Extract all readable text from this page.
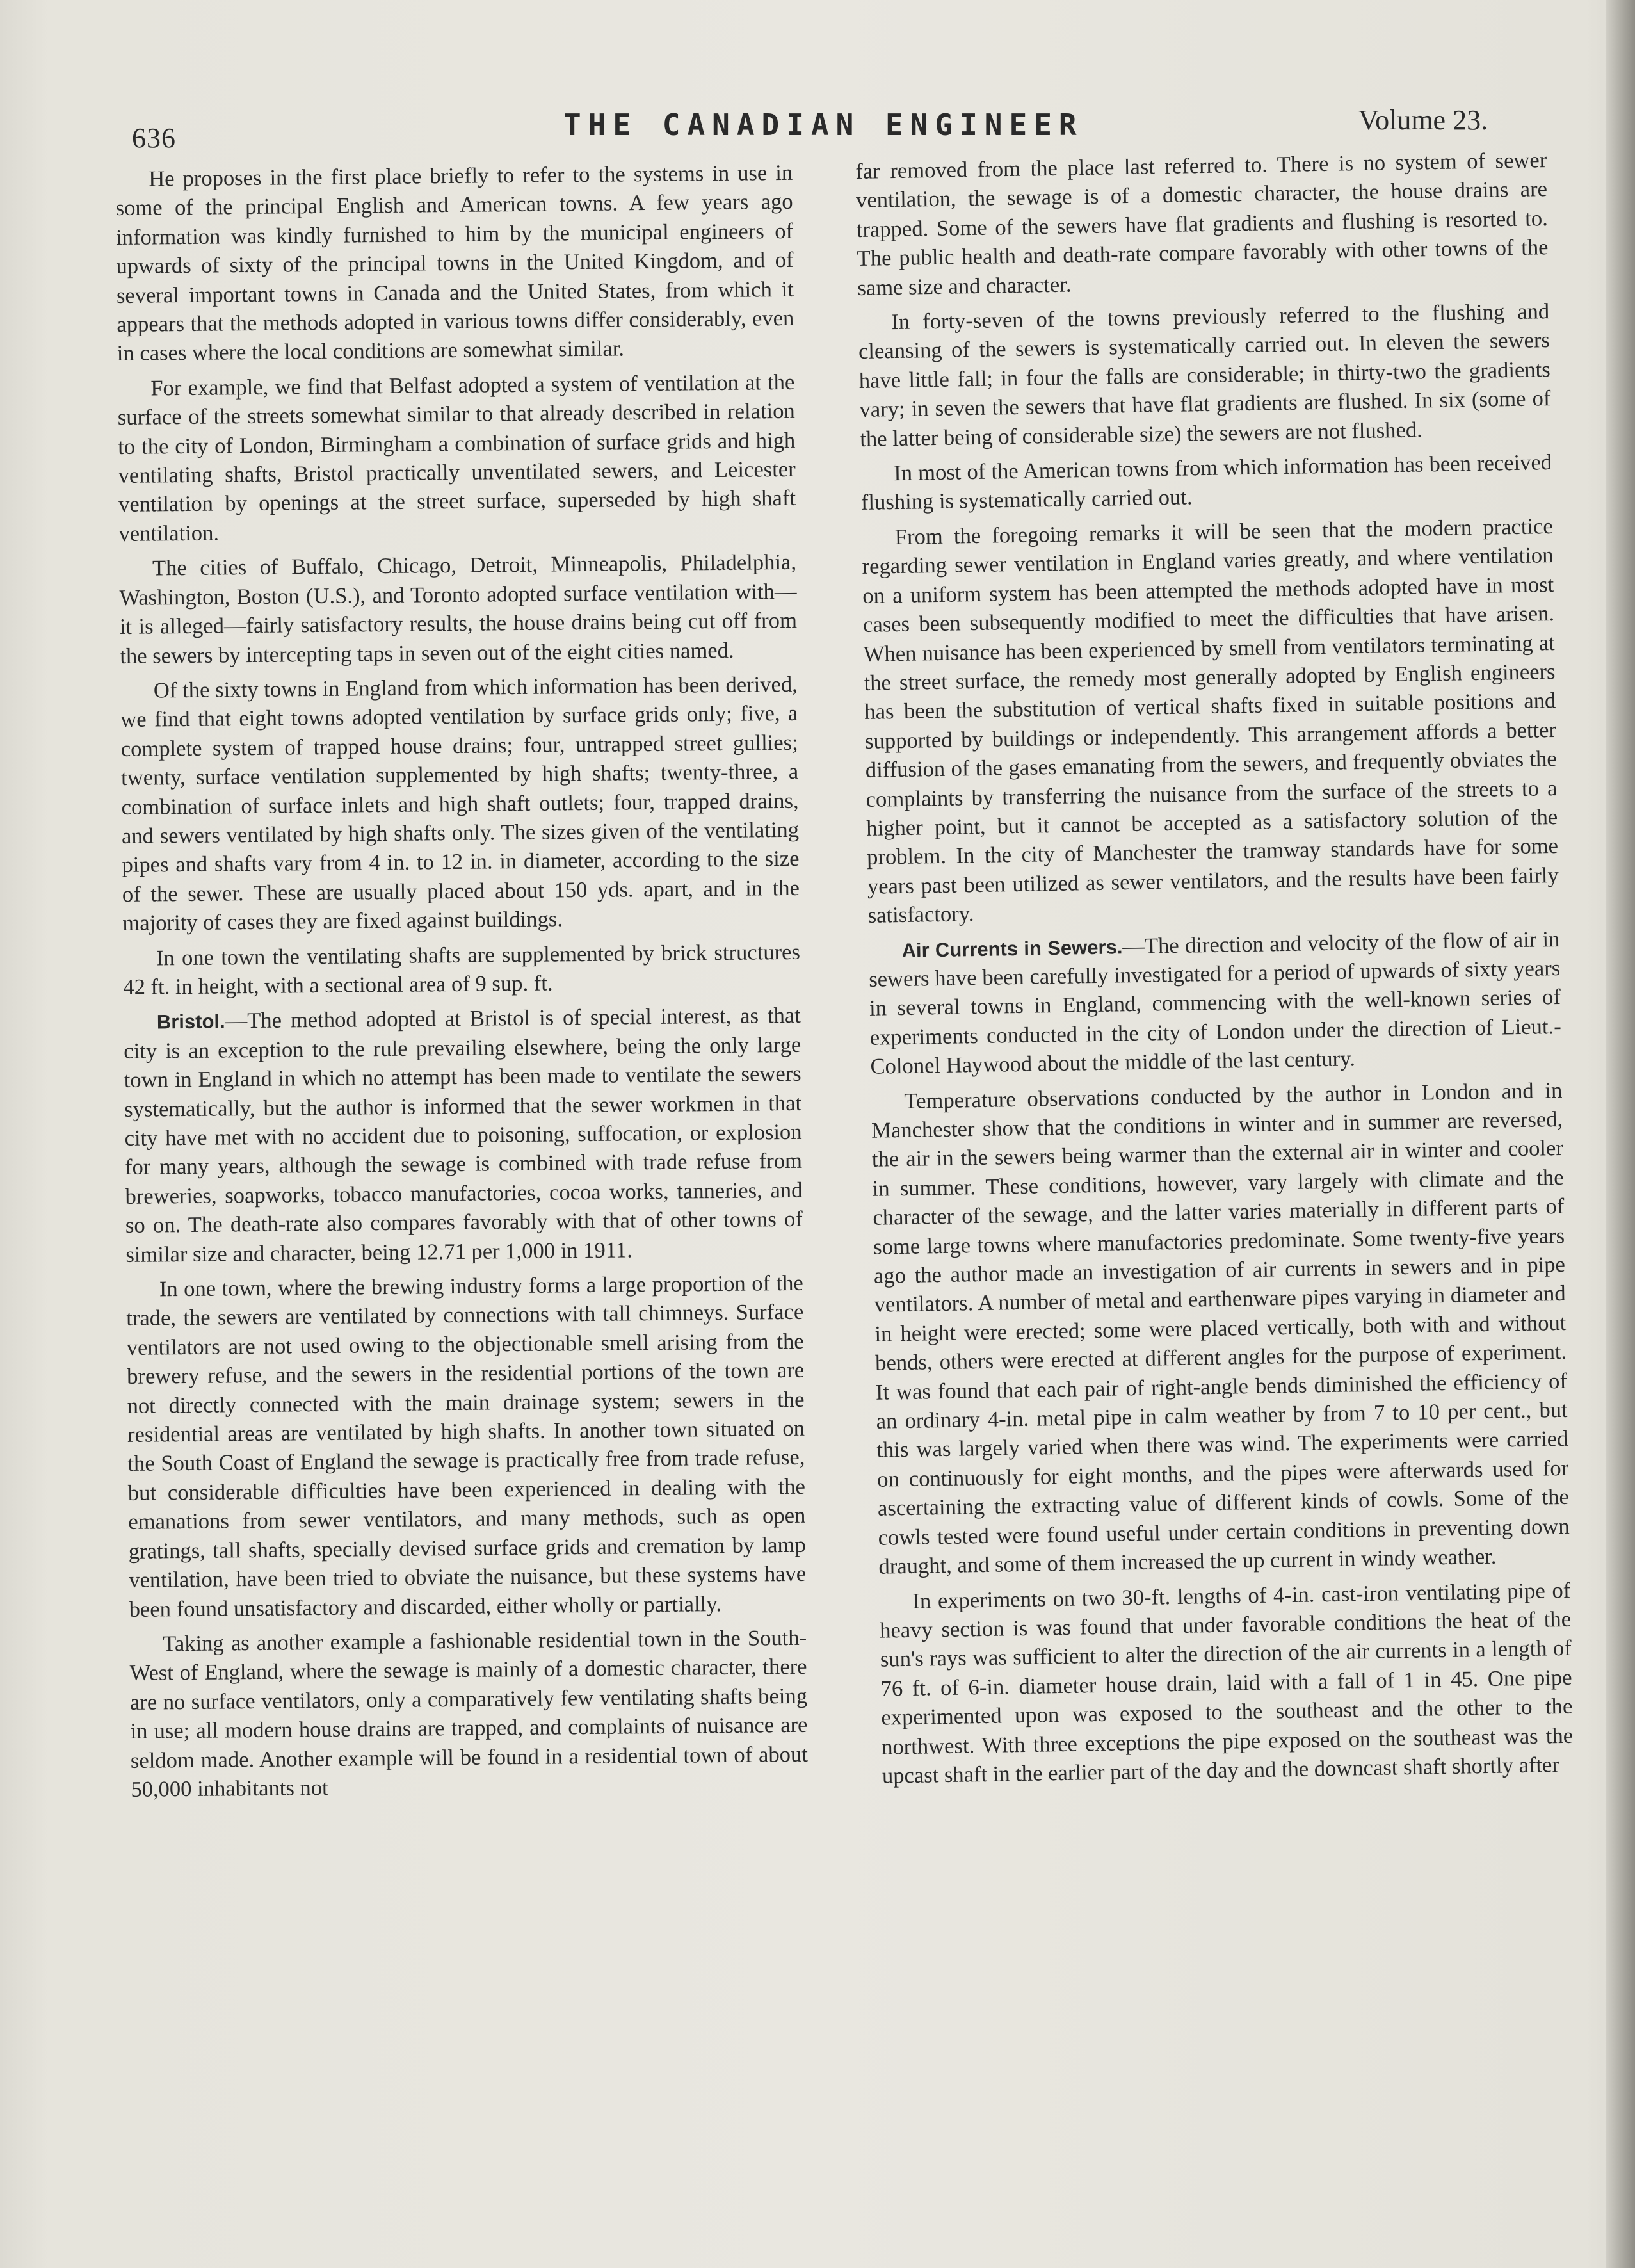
636	THE CANADIAN ENGINEER	Volume 23.

He proposes in the first place briefly to refer to the systems in use in some of the principal English and American towns. A few years ago information was kindly furnished to him by the municipal engineers of upwards of sixty of the principal towns in the United Kingdom, and of several important towns in Canada and the United States, from which it appears that the methods adopted in various towns differ considerably, even in cases where the local conditions are somewhat similar.

For example, we find that Belfast adopted a system of ventilation at the surface of the streets somewhat similar to that already described in relation to the city of London, Birmingham a combination of surface grids and high ventilating shafts, Bristol practically unventilated sewers, and Leicester ventilation by openings at the street surface, superseded by high shaft ventilation.

The cities of Buffalo, Chicago, Detroit, Minneapolis, Philadelphia, Washington, Boston (U.S.), and Toronto adopted surface ventilation with—it is alleged—fairly satisfactory results, the house drains being cut off from the sewers by intercepting taps in seven out of the eight cities named.

Of the sixty towns in England from which information has been derived, we find that eight towns adopted ventilation by surface grids only; five, a complete system of trapped house drains; four, untrapped street gullies; twenty, surface ventilation supplemented by high shafts; twenty-three, a combination of surface inlets and high shaft outlets; four, trapped drains, and sewers ventilated by high shafts only. The sizes given of the ventilating pipes and shafts vary from 4 in. to 12 in. in diameter, according to the size of the sewer. These are usually placed about 150 yds. apart, and in the majority of cases they are fixed against buildings.

In one town the ventilating shafts are supplemented by brick structures 42 ft. in height, with a sectional area of 9 sup. ft.

Bristol.—The method adopted at Bristol is of special interest, as that city is an exception to the rule prevailing elsewhere, being the only large town in England in which no attempt has been made to ventilate the sewers systematically, but the author is informed that the sewer workmen in that city have met with no accident due to poisoning, suffocation, or explosion for many years, although the sewage is combined with trade refuse from breweries, soapworks, tobacco manufactories, cocoa works, tanneries, and so on. The death-rate also compares favorably with that of other towns of similar size and character, being 12.71 per 1,000 in 1911.

In one town, where the brewing industry forms a large proportion of the trade, the sewers are ventilated by connections with tall chimneys. Surface ventilators are not used owing to the objectionable smell arising from the brewery refuse, and the sewers in the residential portions of the town are not directly connected with the main drainage system; sewers in the residential areas are ventilated by high shafts. In another town situated on the South Coast of England the sewage is practically free from trade refuse, but considerable difficulties have been experienced in dealing with the emanations from sewer ventilators, and many methods, such as open gratings, tall shafts, specially devised surface grids and cremation by lamp ventilation, have been tried to obviate the nuisance, but these systems have been found unsatisfactory and discarded, either wholly or partially.

Taking as another example a fashionable residential town in the South-West of England, where the sewage is mainly of a domestic character, there are no surface ventilators, only a comparatively few ventilating shafts being in use; all modern house drains are trapped, and complaints of nuisance are seldom made. Another example will be found in a residential town of about 50,000 inhabitants not

far removed from the place last referred to. There is no system of sewer ventilation, the sewage is of a domestic character, the house drains are trapped. Some of the sewers have flat gradients and flushing is resorted to. The public health and death-rate compare favorably with other towns of the same size and character.

In forty-seven of the towns previously referred to the flushing and cleansing of the sewers is systematically carried out. In eleven the sewers have little fall; in four the falls are considerable; in thirty-two the gradients vary; in seven the sewers that have flat gradients are flushed. In six (some of the latter being of considerable size) the sewers are not flushed.

In most of the American towns from which information has been received flushing is systematically carried out.

From the foregoing remarks it will be seen that the modern practice regarding sewer ventilation in England varies greatly, and where ventilation on a uniform system has been attempted the methods adopted have in most cases been subsequently modified to meet the difficulties that have arisen. When nuisance has been experienced by smell from ventilators terminating at the street surface, the remedy most generally adopted by English engineers has been the substitution of vertical shafts fixed in suitable positions and supported by buildings or independently. This arrangement affords a better diffusion of the gases emanating from the sewers, and frequently obviates the complaints by transferring the nuisance from the surface of the streets to a higher point, but it cannot be accepted as a satisfactory solution of the problem. In the city of Manchester the tramway standards have for some years past been utilized as sewer ventilators, and the results have been fairly satisfactory.

Air Currents in Sewers.—The direction and velocity of the flow of air in sewers have been carefully investigated for a period of upwards of sixty years in several towns in England, commencing with the well-known series of experiments conducted in the city of London under the direction of Lieut.-Colonel Haywood about the middle of the last century.

Temperature observations conducted by the author in London and in Manchester show that the conditions in winter and in summer are reversed, the air in the sewers being warmer than the external air in winter and cooler in summer. These conditions, however, vary largely with climate and the character of the sewage, and the latter varies materially in different parts of some large towns where manufactories predominate. Some twenty-five years ago the author made an investigation of air currents in sewers and in pipe ventilators. A number of metal and earthenware pipes varying in diameter and in height were erected; some were placed vertically, both with and without bends, others were erected at different angles for the purpose of experiment. It was found that each pair of right-angle bends diminished the efficiency of an ordinary 4-in. metal pipe in calm weather by from 7 to 10 per cent., but this was largely varied when there was wind. The experiments were carried on continuously for eight months, and the pipes were afterwards used for ascertaining the extracting value of different kinds of cowls. Some of the cowls tested were found useful under certain conditions in preventing down draught, and some of them increased the up current in windy weather.

In experiments on two 30-ft. lengths of 4-in. cast-iron ventilating pipe of heavy section is was found that under favorable conditions the heat of the sun's rays was sufficient to alter the direction of the air currents in a length of 76 ft. of 6-in. diameter house drain, laid with a fall of 1 in 45. One pipe experimented upon was exposed to the southeast and the other to the northwest. With three exceptions the pipe exposed on the southeast was the upcast shaft in the earlier part of the day and the downcast shaft shortly after
